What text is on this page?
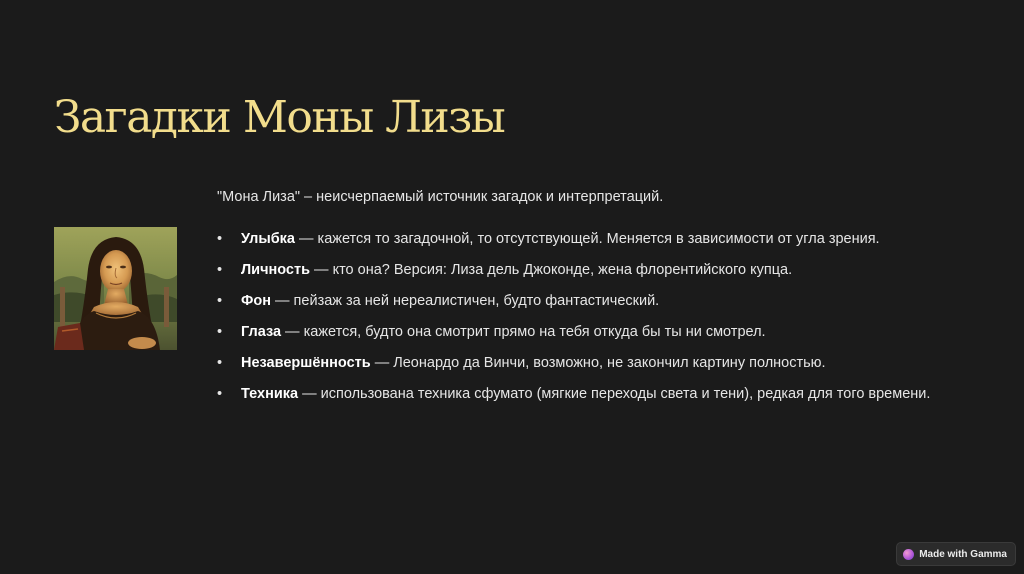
Загадки Моны Лизы
"Мона Лиза" – неисчерпаемый источник загадок и интерпретаций.
•	Улыбка — кажется то загадочной, то отсутствующей. Меняется в зависимости от угла зрения.
•	Личность — кто она? Версия: Лиза дель Джоконде, жена флорентийского купца.
•	Фон — пейзаж за ней нереалистичен, будто фантастический.
•	Глаза — кажется, будто она смотрит прямо на тебя откуда бы ты ни смотрел.
•	Незавершённость — Леонардо да Винчи, возможно, не закончил картину полностью.
•	Техника — использована техника сфумато (мягкие переходы света и тени), редкая для того времени.
Made with Gamma
